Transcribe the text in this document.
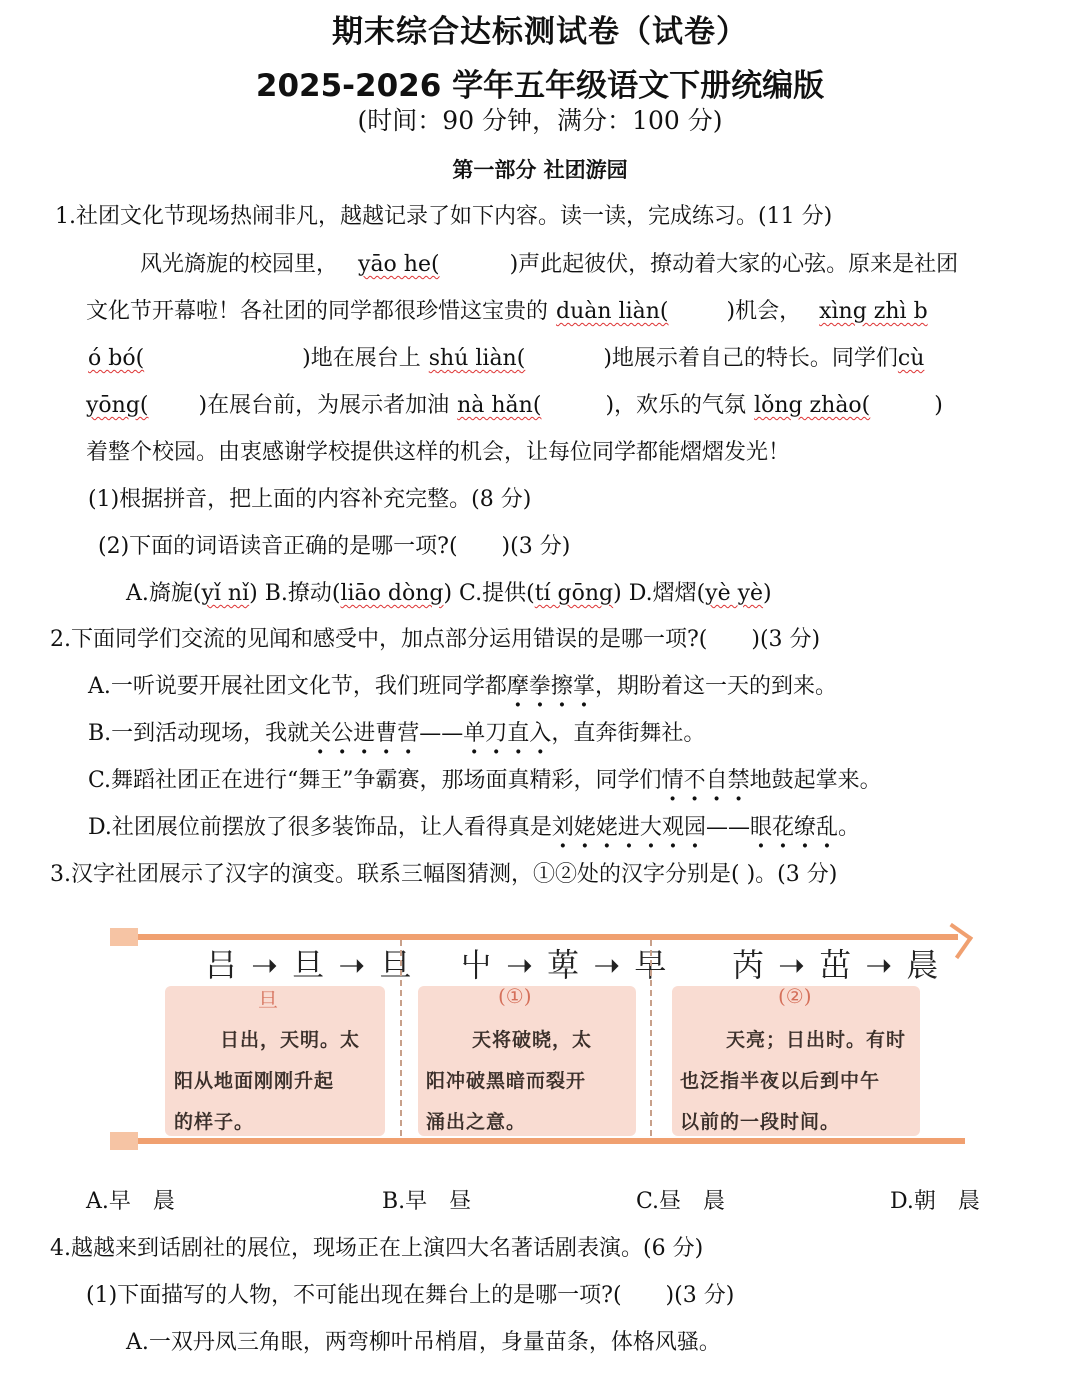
期末综合达标测试卷（试卷）
2025-2026 学年五年级语文下册统编版
(时间：90 分钟，满分：100 分)
第一部分 社团游园
1.社团文化节现场热闹非凡，越越记录了如下内容。读一读，完成练习。(11 分)
风光旖旎的校园里， yāo he(	)声此起彼伏，撩动着大家的心弦。原来是社团
文化节开幕啦！各社团的同学都很珍惜这宝贵的 duàn liàn(	)机会， xìng zhì b
ó bó(	)地在展台上 shú liàn(	)地展示着自己的特长。同学们cù
yōng( )在展台前，为展示者加油 nà hǎn(	)，欢乐的气氛 lǒng zhào(	)
着整个校园。由衷感谢学校提供这样的机会，让每位同学都能熠熠发光！
(1)根据拼音，把上面的内容补充完整。(8 分)
(2)下面的词语读音正确的是哪一项?(　　)(3 分)
A.旖旎(yǐ nǐ) B.撩动(liāo dòng) C.提供(tí gōng) D.熠熠(yè yè)
2.下面同学们交流的见闻和感受中，加点部分运用错误的是哪一项?(　　)(3 分)
A.一听说要开展社团文化节，我们班同学都摩拳擦掌，期盼着这一天的到来。
B.一到活动现场，我就关公进曹营——单刀直入，直奔街舞社。
C.舞蹈社团正在进行“舞王”争霸赛，那场面真精彩，同学们情不自禁地鼓起掌来。
D.社团展位前摆放了很多装饰品，让人看得真是刘姥姥进大观园——眼花缭乱。
3.汉字社团展示了汉字的演变。联系三幅图猜测，①②处的汉字分别是( )。(3 分)
吕 ➝ 旦 ➝ 旦
旦
日出，天明。太
阳从地面刚刚升起
的样子。
屮 ➝ 萆 ➝ 早
(①)
天将破晓，太
阳冲破黑暗而裂开
涌出之意。
芮 ➝ 茁 ➝ 晨
(②)
天亮；日出时。有时
也泛指半夜以后到中午
以前的一段时间。
A.早　晨	B.早　昼	C.昼　晨	D.朝　晨
4.越越来到话剧社的展位，现场正在上演四大名著话剧表演。(6 分)
(1)下面描写的人物，不可能出现在舞台上的是哪一项?(　　)(3 分)
A.一双丹凤三角眼，两弯柳叶吊梢眉，身量苗条，体格风骚。
